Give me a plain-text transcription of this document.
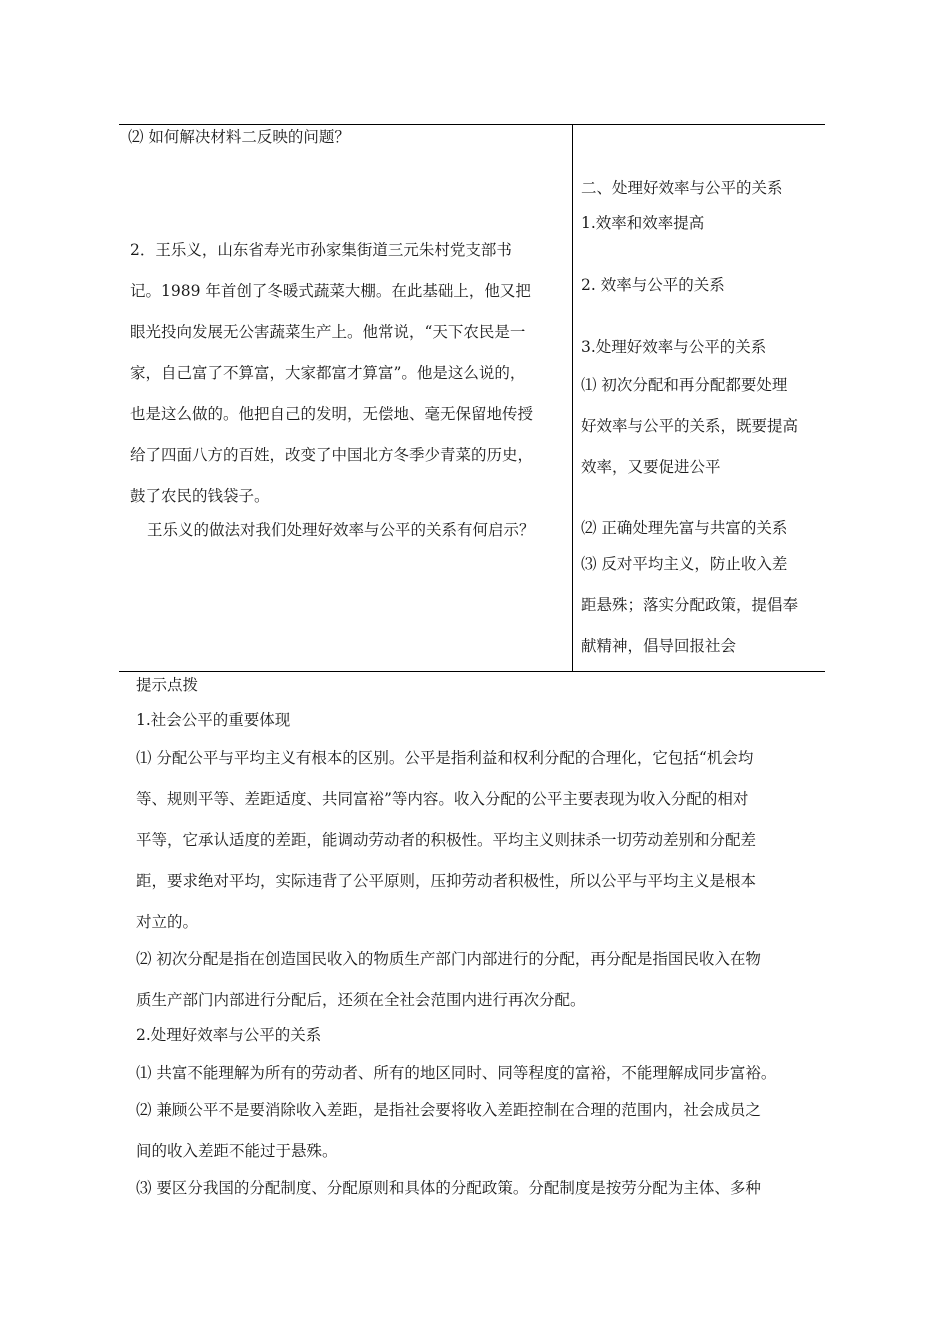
⑵ 如何解决材料二反映的问题？
2．王乐义，山东省寿光市孙家集街道三元朱村党支部书
记。1989 年首创了冬暖式蔬菜大棚。在此基础上，他又把
眼光投向发展无公害蔬菜生产上。他常说，“天下农民是一
家，自己富了不算富，大家都富才算富”。他是这么说的，
也是这么做的。他把自己的发明，无偿地、毫无保留地传授
给了四面八方的百姓，改变了中国北方冬季少青菜的历史，
鼓了农民的钱袋子。
王乐义的做法对我们处理好效率与公平的关系有何启示？
二、处理好效率与公平的关系
1.效率和效率提高
2. 效率与公平的关系
3.处理好效率与公平的关系
⑴ 初次分配和再分配都要处理
好效率与公平的关系，既要提高
效率，又要促进公平
⑵ 正确处理先富与共富的关系
⑶ 反对平均主义，防止收入差
距悬殊；落实分配政策，提倡奉
献精神，倡导回报社会
提示点拨
1.社会公平的重要体现
⑴ 分配公平与平均主义有根本的区别。公平是指利益和权利分配的合理化，它包括“机会均
等、规则平等、差距适度、共同富裕”等内容。收入分配的公平主要表现为收入分配的相对
平等，它承认适度的差距，能调动劳动者的积极性。平均主义则抹杀一切劳动差别和分配差
距，要求绝对平均，实际违背了公平原则，压抑劳动者积极性，所以公平与平均主义是根本
对立的。
⑵ 初次分配是指在创造国民收入的物质生产部门内部进行的分配，再分配是指国民收入在物
质生产部门内部进行分配后，还须在全社会范围内进行再次分配。
2.处理好效率与公平的关系
⑴ 共富不能理解为所有的劳动者、所有的地区同时、同等程度的富裕，不能理解成同步富裕。
⑵ 兼顾公平不是要消除收入差距，是指社会要将收入差距控制在合理的范围内，社会成员之
间的收入差距不能过于悬殊。
⑶ 要区分我国的分配制度、分配原则和具体的分配政策。分配制度是按劳分配为主体、多种
